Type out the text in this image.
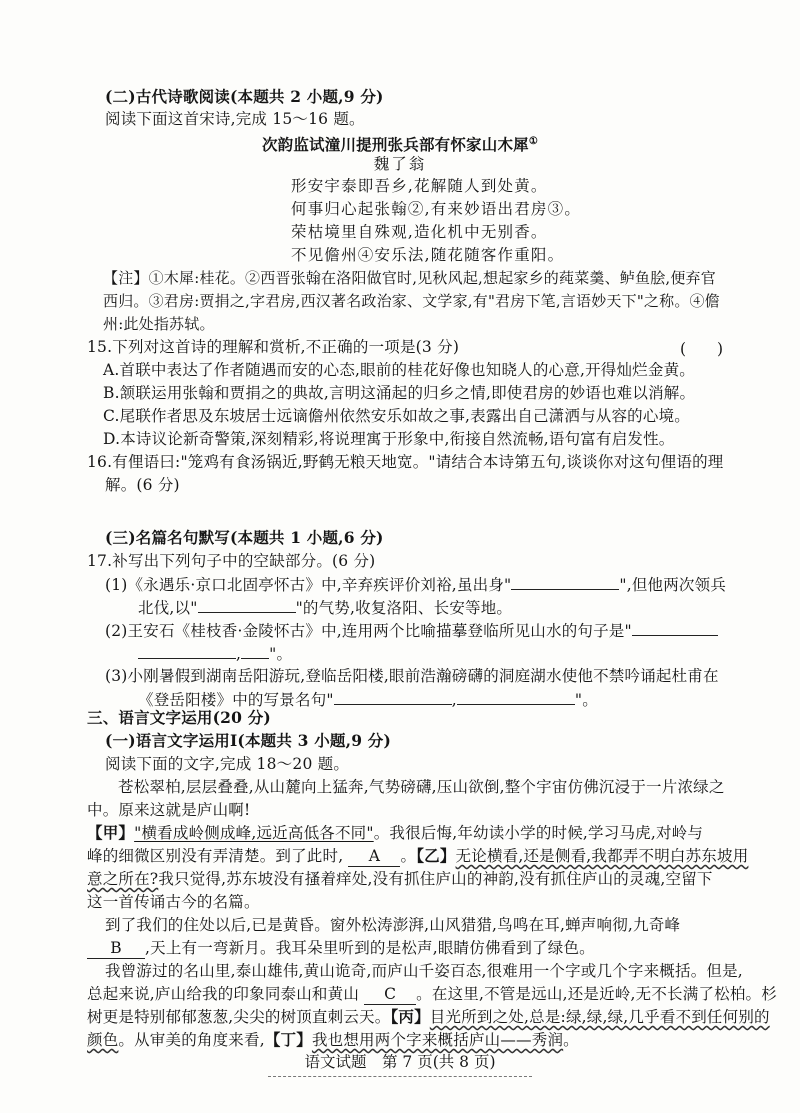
(二)古代诗歌阅读(本题共 2 小题,9 分)
阅读下面这首宋诗,完成 15～16 题。
次韵监试潼川提刑张兵部有怀家山木犀①
魏了翁
形安宇泰即吾乡,花解随人到处黄。
何事归心起张翰②,有来妙语出君房③。
荣枯境里自殊观,造化机中无别香。
不见儋州④安乐法,随花随客作重阳。
【注】①木犀:桂花。②西晋张翰在洛阳做官时,见秋风起,想起家乡的莼菜羹、鲈鱼脍,便弃官
西归。③君房:贾捐之,字君房,西汉著名政治家、文学家,有"君房下笔,言语妙天下"之称。④儋
州:此处指苏轼。
15.下列对这首诗的理解和赏析,不正确的一项是(3 分)	(　　)
A.首联中表达了作者随遇而安的心态,眼前的桂花好像也知晓人的心意,开得灿烂金黄。
B.颔联运用张翰和贾捐之的典故,言明这涌起的归乡之情,即使君房的妙语也难以消解。
C.尾联作者思及东坡居士远谪儋州依然安乐如故之事,表露出自己潇洒与从容的心境。
D.本诗议论新奇警策,深刻精彩,将说理寓于形象中,衔接自然流畅,语句富有启发性。
16.有俚语曰:"笼鸡有食汤锅近,野鹤无粮天地宽。"请结合本诗第五句,谈谈你对这句俚语的理
解。(6 分)
(三)名篇名句默写(本题共 1 小题,6 分)
17.补写出下列句子中的空缺部分。(6 分)
(1)《永遇乐·京口北固亭怀古》中,辛弃疾评价刘裕,虽出身"	",但他两次领兵
北伐,以"	"的气势,收复洛阳、长安等地。
(2)王安石《桂枝香·金陵怀古》中,连用两个比喻描摹登临所见山水的句子是"
, "。
(3)小刚暑假到湖南岳阳游玩,登临岳阳楼,眼前浩瀚磅礴的洞庭湖水使他不禁吟诵起杜甫在
《登岳阳楼》中的写景名句"	,	"。
三、语言文字运用(20 分)
(一)语言文字运用Ⅰ(本题共 3 小题,9 分)
阅读下面的文字,完成 18～20 题。
苍松翠柏,层层叠叠,从山麓向上猛奔,气势磅礴,压山欲倒,整个宇宙仿佛沉浸于一片浓绿之
中。原来这就是庐山啊!
【甲】"横看成岭侧成峰,远近高低各不同"。我很后悔,年幼读小学的时候,学习马虎,对岭与
峰的细微区别没有弄清楚。到了此时, A 。【乙】无论横看,还是侧看,我都弄不明白苏东坡用
意之所在?我只觉得,苏东坡没有搔着痒处,没有抓住庐山的神韵,没有抓住庐山的灵魂,空留下
这一首传诵古今的名篇。
到了我们的住处以后,已是黄昏。窗外松涛澎湃,山风猎猎,鸟鸣在耳,蝉声响彻,九奇峰
B ,天上有一弯新月。我耳朵里听到的是松声,眼睛仿佛看到了绿色。
我曾游过的名山里,泰山雄伟,黄山诡奇,而庐山千姿百态,很难用一个字或几个字来概括。但是,
总起来说,庐山给我的印象同泰山和黄山 C 。在这里,不管是远山,还是近岭,无不长满了松柏。杉
树更是特别郁郁葱葱,尖尖的树顶直刺云天。【丙】目光所到之处,总是:绿,绿,绿,几乎看不到任何别的
颜色。从审美的角度来看,【丁】我也想用两个字来概括庐山——秀润。
语文试题　第 7 页(共 8 页)
